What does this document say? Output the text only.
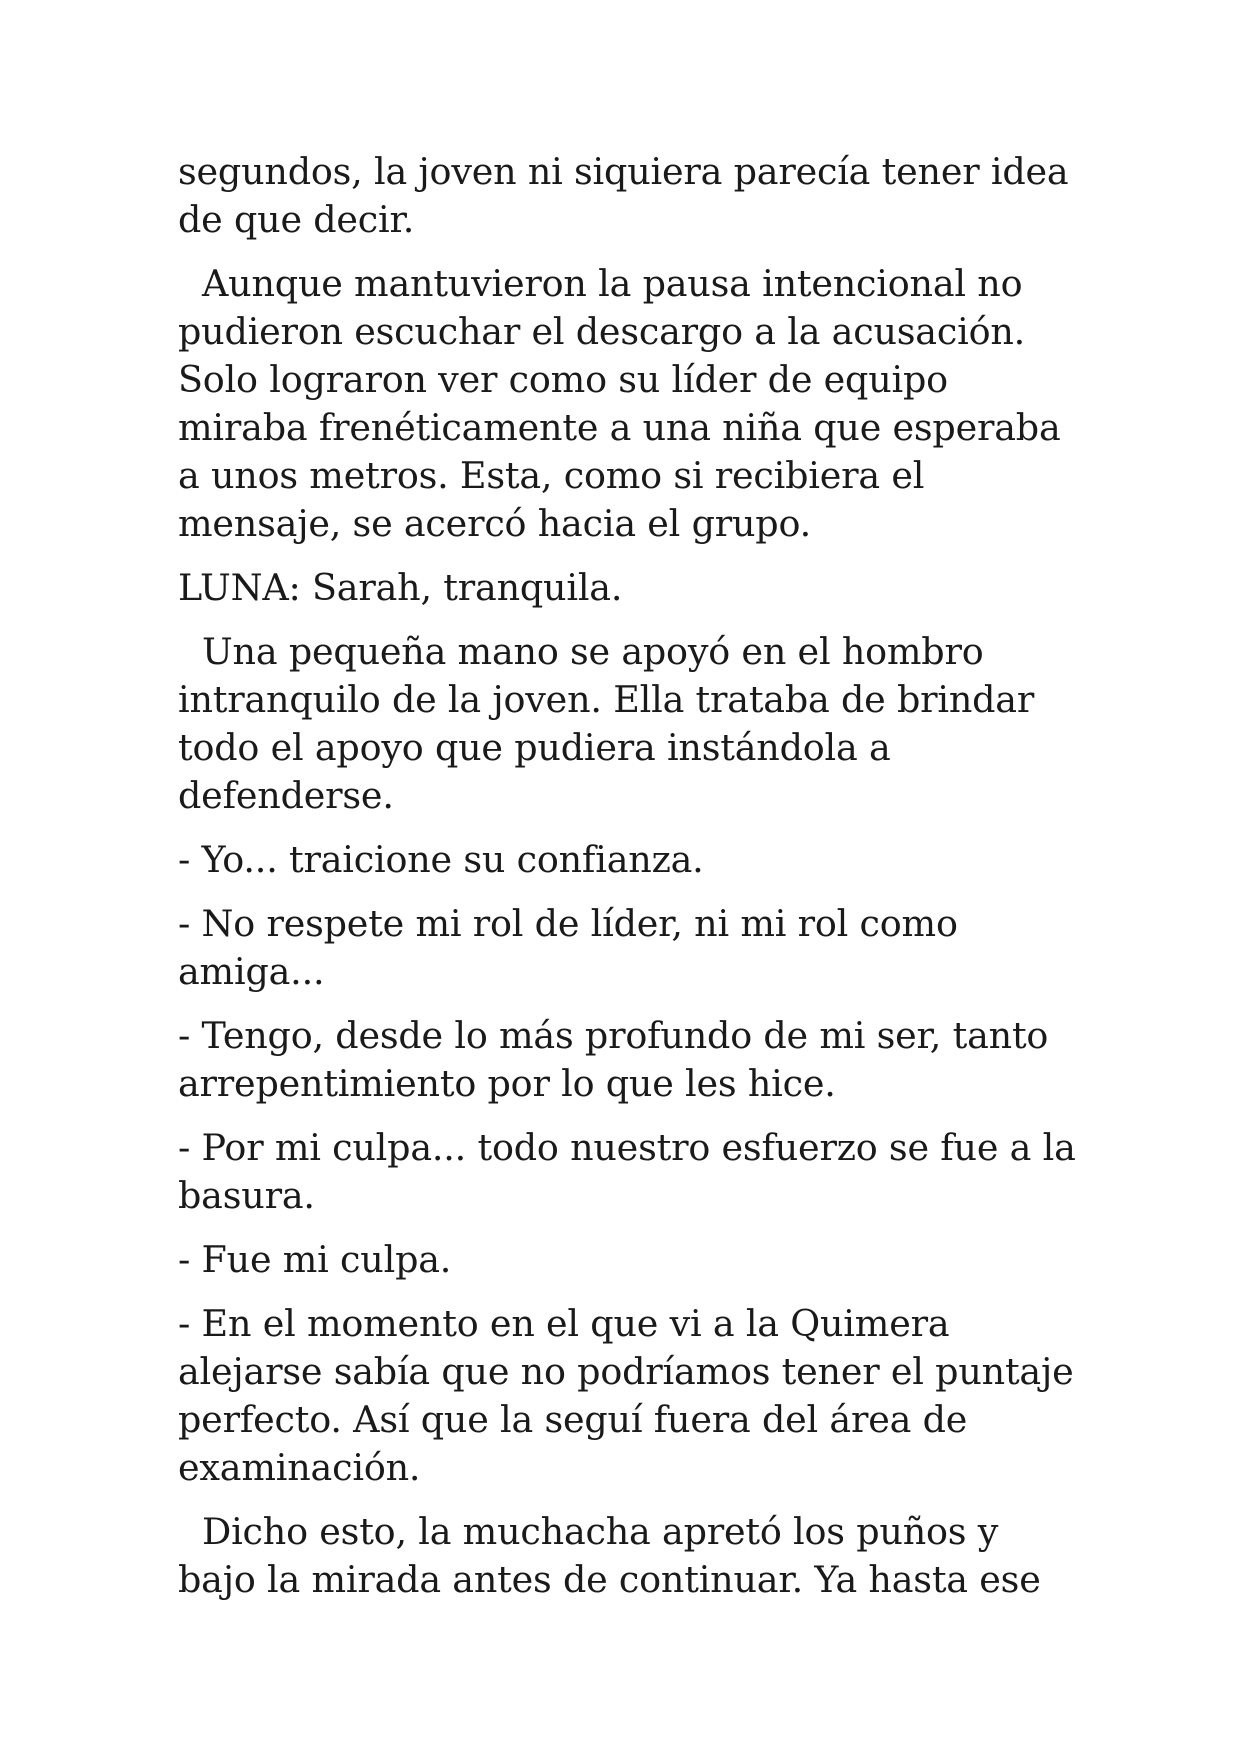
segundos, la joven ni siquiera parecía tener idea de que decir.

Aunque mantuvieron la pausa intencional no pudieron escuchar el descargo a la acusación. Solo lograron ver como su líder de equipo miraba frenéticamente a una niña que esperaba a unos metros. Esta, como si recibiera el mensaje, se acercó hacia el grupo.

LUNA: Sarah, tranquila.

Una pequeña mano se apoyó en el hombro intranquilo de la joven. Ella trataba de brindar todo el apoyo que pudiera instándola a defenderse.

- Yo... traicione su confianza.

- No respete mi rol de líder, ni mi rol como amiga...

- Tengo, desde lo más profundo de mi ser, tanto arrepentimiento por lo que les hice.

- Por mi culpa... todo nuestro esfuerzo se fue a la basura.

- Fue mi culpa.

- En el momento en el que vi a la Quimera alejarse sabía que no podríamos tener el puntaje perfecto. Así que la seguí fuera del área de examinación.

Dicho esto, la muchacha apretó los puños y bajo la mirada antes de continuar. Ya hasta ese
